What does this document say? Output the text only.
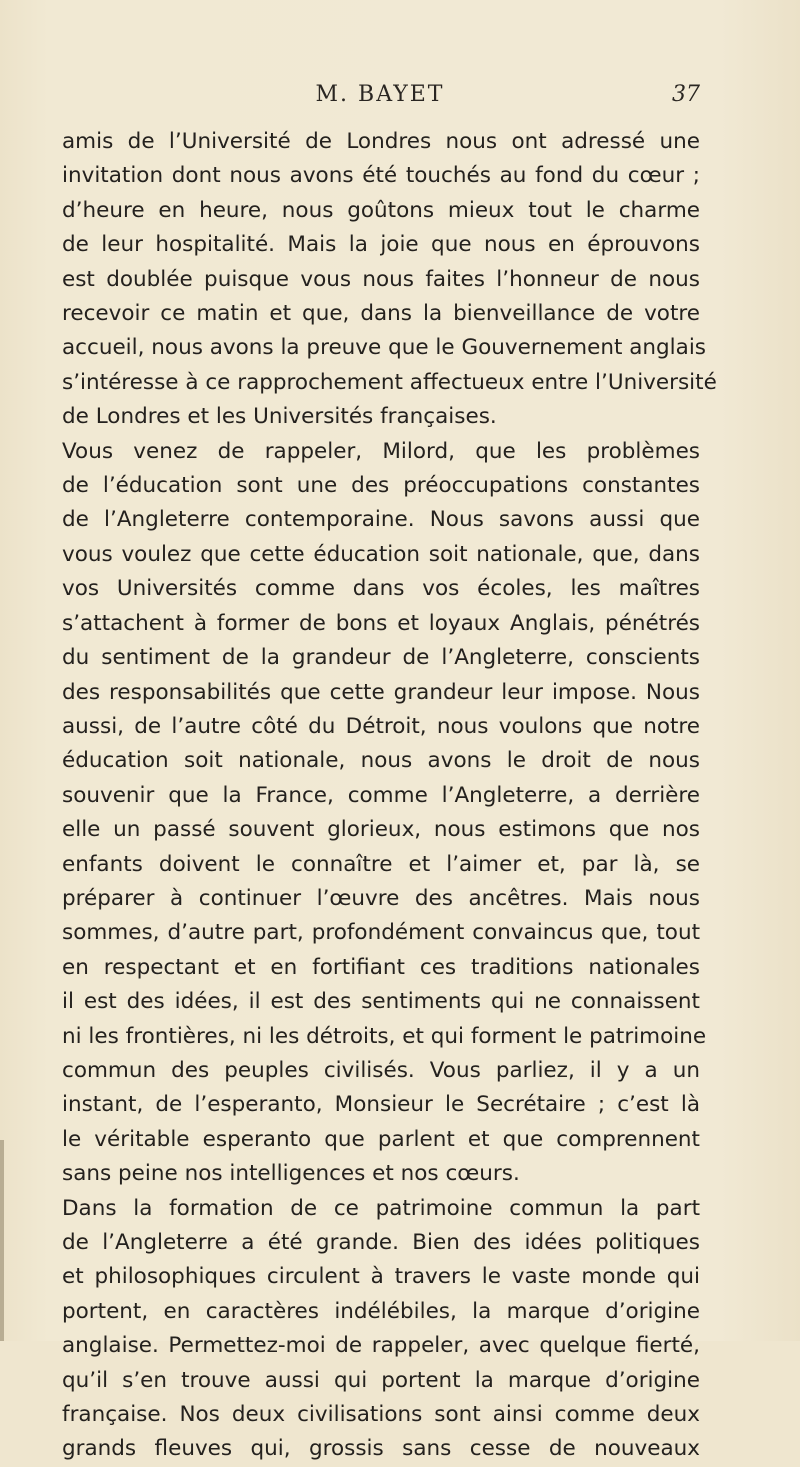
M. BAYET	37
amis de l’Université de Londres nous ont adressé une
invitation dont nous avons été touchés au fond du cœur ;
d’heure en heure, nous goûtons mieux tout le charme
de leur hospitalité. Mais la joie que nous en éprouvons
est doublée puisque vous nous faites l’honneur de nous
recevoir ce matin et que, dans la bienveillance de votre
accueil, nous avons la preuve que le Gouvernement anglais
s’intéresse à ce rapprochement affectueux entre l’Université
de Londres et les Universités françaises.
Vous venez de rappeler, Milord, que les problèmes
de l’éducation sont une des préoccupations constantes
de l’Angleterre contemporaine. Nous savons aussi que
vous voulez que cette éducation soit nationale, que, dans
vos Universités comme dans vos écoles, les maîtres
s’attachent à former de bons et loyaux Anglais, pénétrés
du sentiment de la grandeur de l’Angleterre, conscients
des responsabilités que cette grandeur leur impose. Nous
aussi, de l’autre côté du Détroit, nous voulons que notre
éducation soit nationale, nous avons le droit de nous
souvenir que la France, comme l’Angleterre, a derrière
elle un passé souvent glorieux, nous estimons que nos
enfants doivent le connaître et l’aimer et, par là, se
préparer à continuer l’œuvre des ancêtres. Mais nous
sommes, d’autre part, profondément convaincus que, tout
en respectant et en fortifiant ces traditions nationales
il est des idées, il est des sentiments qui ne connaissent
ni les frontières, ni les détroits, et qui forment le patrimoine
commun des peuples civilisés. Vous parliez, il y a un
instant, de l’esperanto, Monsieur le Secrétaire ; c’est là
le véritable esperanto que parlent et que comprennent
sans peine nos intelligences et nos cœurs.
Dans la formation de ce patrimoine commun la part
de l’Angleterre a été grande. Bien des idées politiques
et philosophiques circulent à travers le vaste monde qui
portent, en caractères indélébiles, la marque d’origine
anglaise. Permettez-moi de rappeler, avec quelque fierté,
qu’il s’en trouve aussi qui portent la marque d’origine
française. Nos deux civilisations sont ainsi comme deux
grands fleuves qui, grossis sans cesse de nouveaux
